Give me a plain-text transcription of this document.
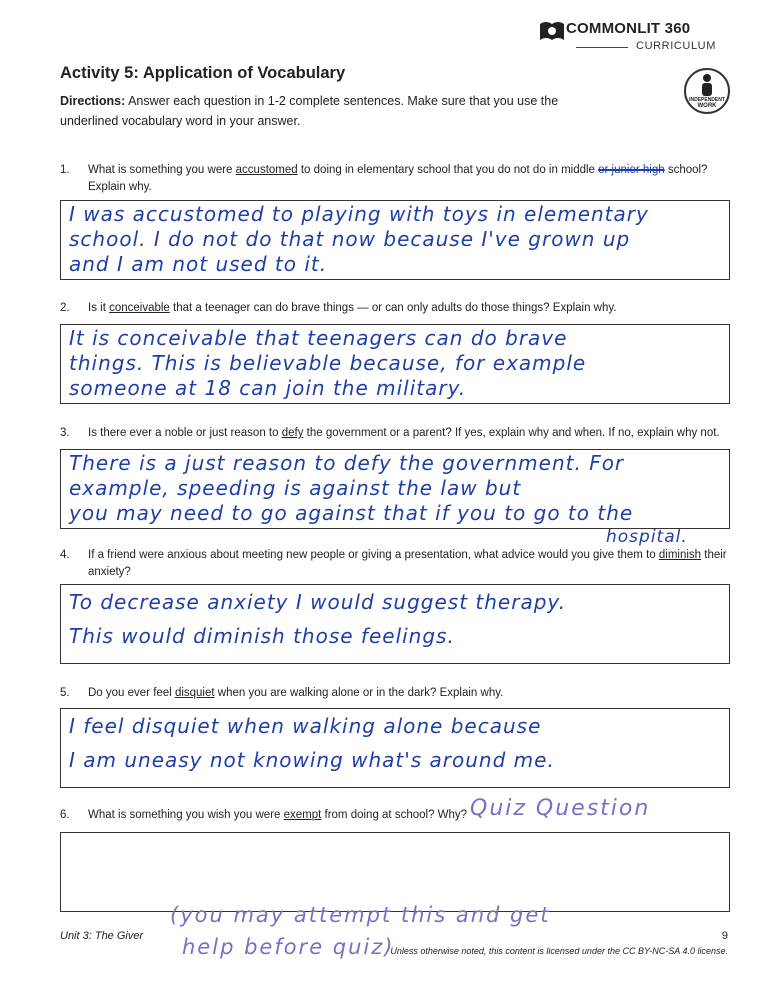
COMMONLIT 360
CURRICULUM
Activity 5: Application of Vocabulary
Directions: Answer each question in 1-2 complete sentences. Make sure that you use the underlined vocabulary word in your answer.
INDEPENDENT
WORK
1. What is something you were accustomed to doing in elementary school that you do not do in middle or junior high school? Explain why.
I was accustomed to playing with toys in elementary
school. I do not do that now because I've grown up
and I am not used to it.
2. Is it conceivable that a teenager can do brave things — or can only adults do those things? Explain why.
It is conceivable that teenagers can do brave
things. This is believable because, for example
someone at 18 can join the military.
3. Is there ever a noble or just reason to defy the government or a parent? If yes, explain why and when. If no, explain why not.
There is a just reason to defy the government. For
example, speeding is against the law but
you may need to go against that if you to go to the
hospital.
4. If a friend were anxious about meeting new people or giving a presentation, what advice would you give them to diminish their anxiety?
To decrease anxiety I would suggest therapy.
This would diminish those feelings.
5. Do you ever feel disquiet when you are walking alone or in the dark? Explain why.
I feel disquiet when walking alone because
I am uneasy not knowing what's around me.
6. What is something you wish you were exempt from doing at school? Why? Quiz Question
(you may attempt this and get
help before quiz)
Unit 3: The Giver	9
Unless otherwise noted, this content is licensed under the CC BY-NC-SA 4.0 license.
